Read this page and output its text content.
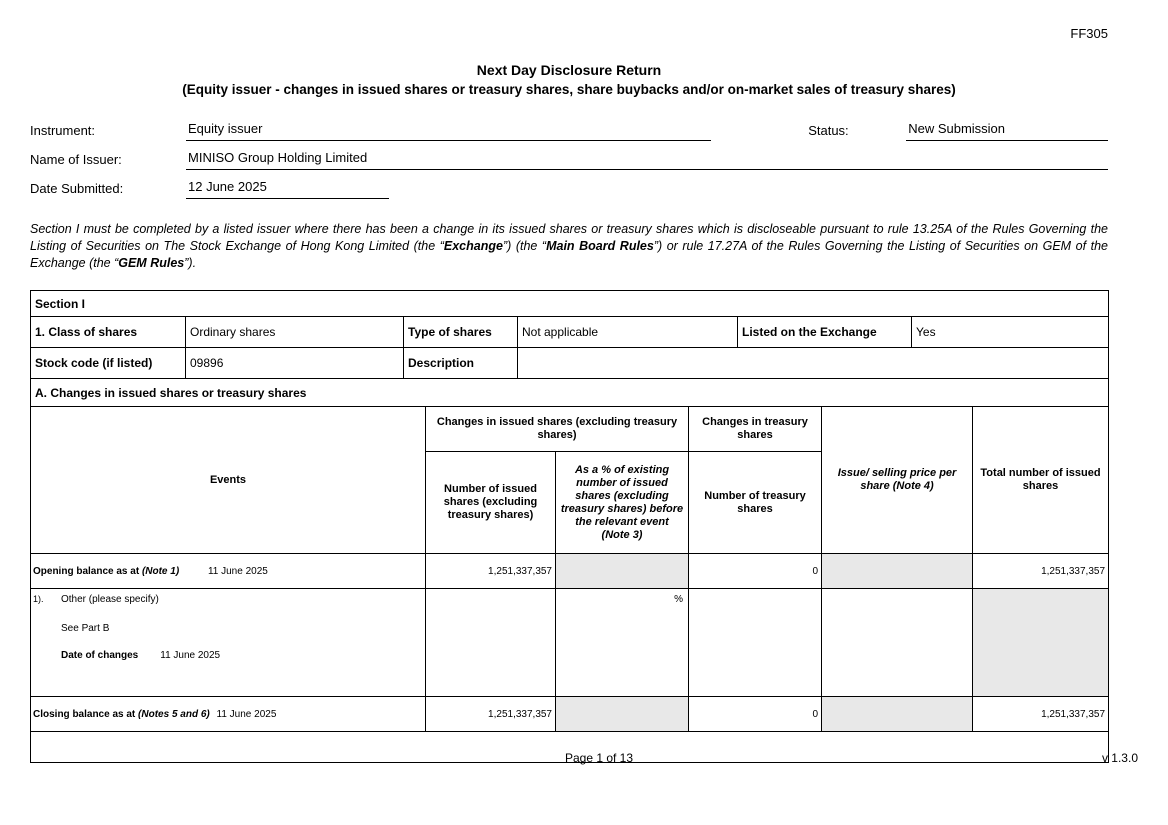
FF305
Next Day Disclosure Return
(Equity issuer - changes in issued shares or treasury shares, share buybacks and/or on-market sales of treasury shares)
Instrument:	Equity issuer	Status:	New Submission
Name of Issuer:	MINISO Group Holding Limited
Date Submitted:	12 June 2025
Section I must be completed by a listed issuer where there has been a change in its issued shares or treasury shares which is discloseable pursuant to rule 13.25A of the Rules Governing the Listing of Securities on The Stock Exchange of Hong Kong Limited (the “Exchange”) (the “Main Board Rules”) or rule 17.27A of the Rules Governing the Listing of Securities on GEM of the Exchange (the “GEM Rules”).
Section I					
1. Class of shares	Ordinary shares	Type of shares	Not applicable	Listed on the Exchange	Yes
Stock code (if listed)	09896	Description			
A. Changes in issued shares or treasury shares					
Events	Changes in issued shares (excluding treasury shares)		Changes in treasury shares	Issue/ selling price per share (Note 4)	Total number of issued shares
	Number of issued shares (excluding treasury shares)	As a % of existing number of issued shares (excluding treasury shares) before the relevant event (Note 3)	Number of treasury shares		
Opening balance as at (Note 1) 11 June 2025	1,251,337,357		0		1,251,337,357

1). Other (please specify)
See Part B
Date of changes 11 June 2025		%			
Closing balance as at (Notes 5 and 6) 11 June 2025	1,251,337,357		0		1,251,337,357

Page 1 of 13	v 1.3.0
